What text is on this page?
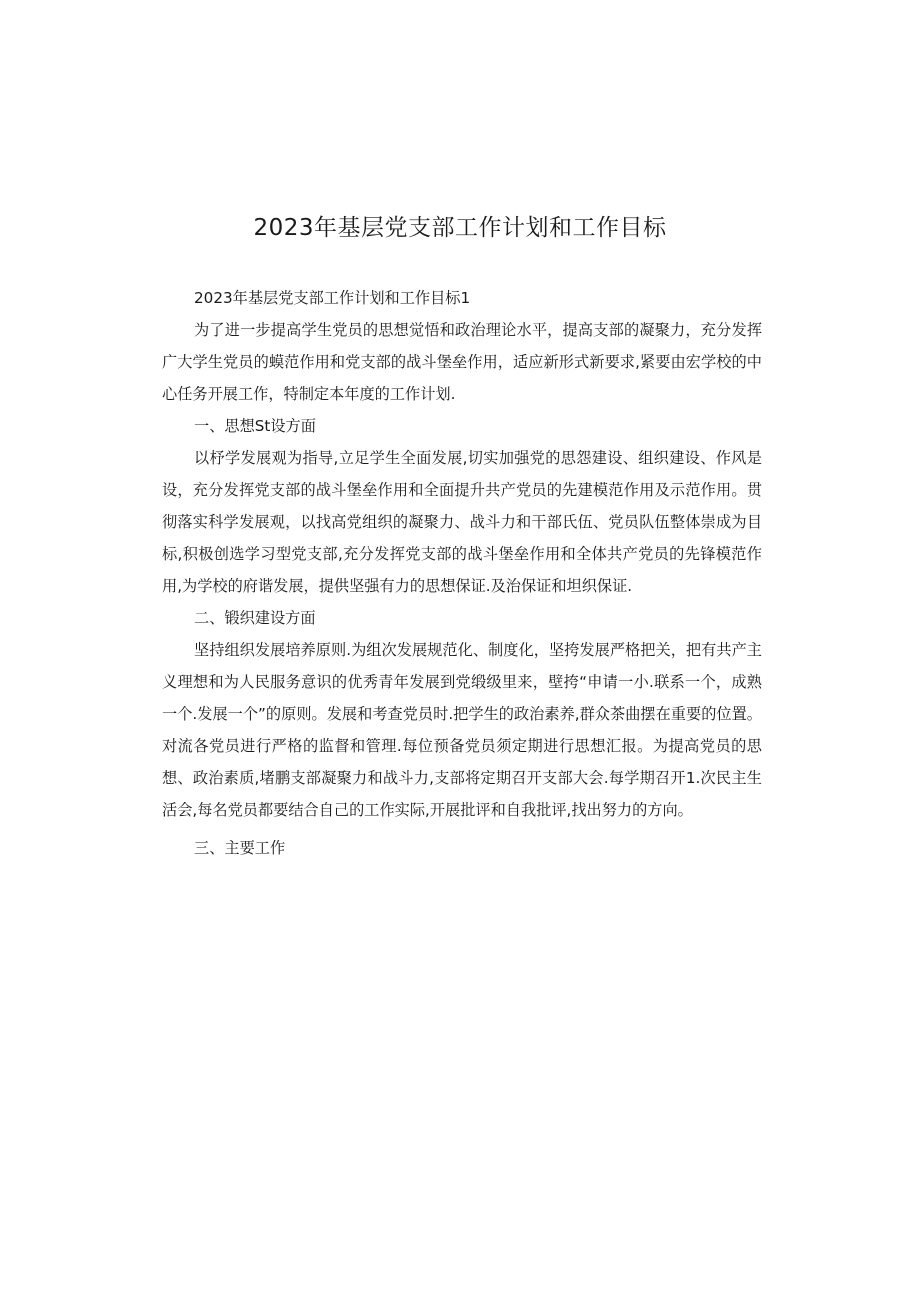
2023年基层党支部工作计划和工作目标

2023年基层党支部工作计划和工作目标1

为了进一步提高学生党员的思想觉悟和政治理论水平，提高支部的凝聚力，充分发挥广大学生党员的蟆范作用和党支部的战斗堡垒作用，适应新形式新要求,紧要由宏学校的中心任务开展工作，特制定本年度的工作计划.

一、思想St设方面

以杼学发展观为指导,立足学生全面发展,切实加强党的思怨建设、组织建设、作风是设，充分发挥党支部的战斗堡垒作用和全面提升共产党员的先建模范作用及示范作用。贯彻落实科学发展观，以找高党组织的凝聚力、战斗力和干部氏伍、党员队伍整体崇成为目标,积极创选学习型党支部,充分发挥党支部的战斗堡垒作用和全体共产党员的先锋模范作用,为学校的府谐发展，提供坚强有力的思想保证.及治保证和坦织保证.

二、锻织建设方面

坚持组织发展培养原则.为组次发展规范化、制度化，坚挎发展严格把关，把有共产主义理想和为人民服务意识的优秀青年发展到党缎级里来，壁挎“申请一小.联系一个，成熟一个.发展一个”的原则。发展和考查党员时.把学生的政治素养,群众茶曲摆在重要的位置。对流各党员进行严格的监督和管理.每位预备党员须定期进行思想汇报。为提高党员的思想、政治素质,堵鹏支部凝聚力和战斗力,支部将定期召开支部大会.每学期召开1.次民主生活会,每名党员都要结合自己的工作实际,开展批评和自我批评,找出努力的方向。

三、主要工作
